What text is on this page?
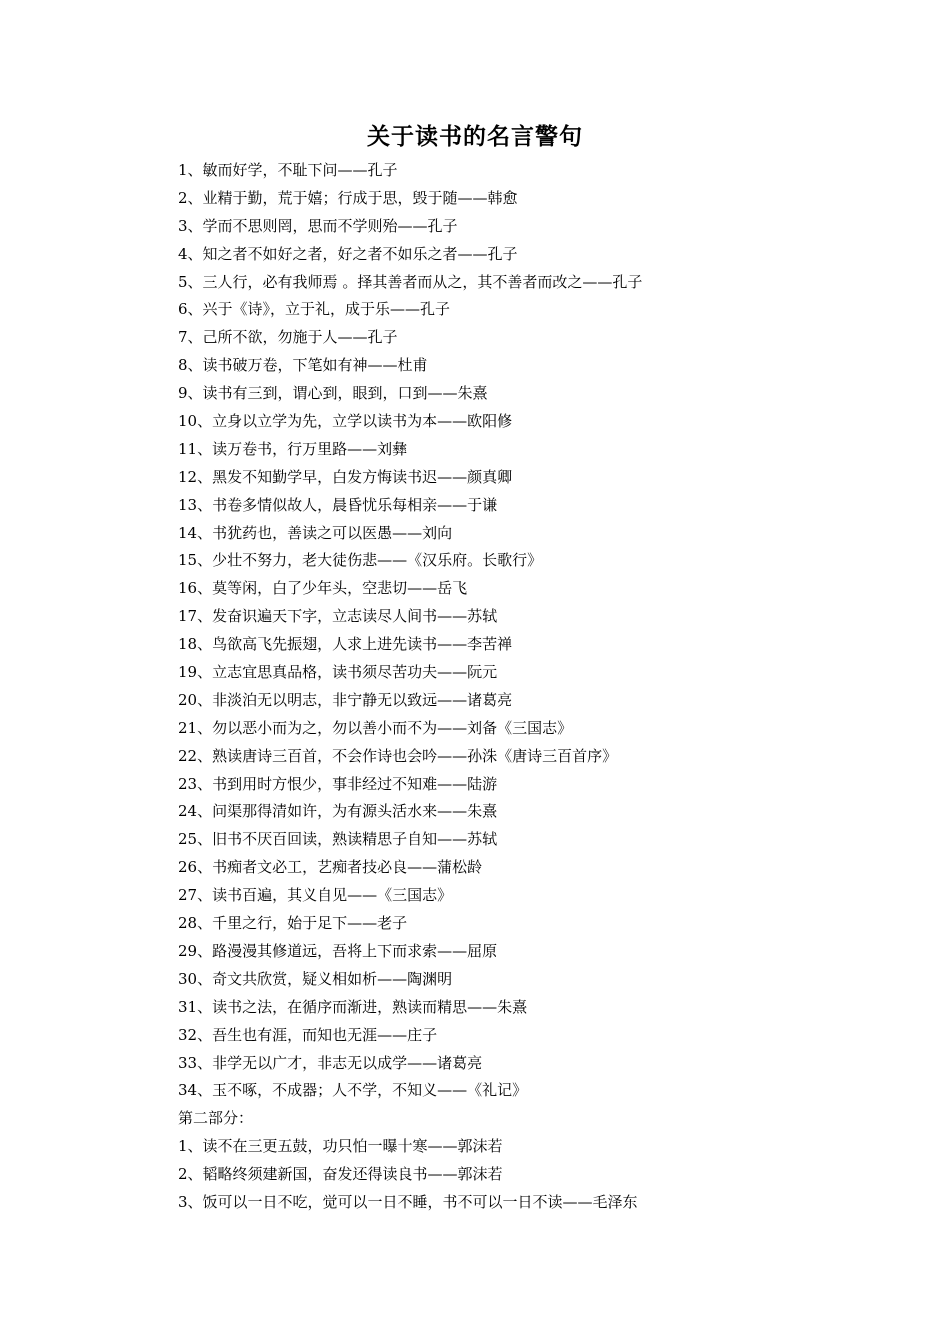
关于读书的名言警句
1、敏而好学，不耻下问——孔子
2、业精于勤，荒于嬉；行成于思，毁于随——韩愈
3、学而不思则罔，思而不学则殆——孔子
4、知之者不如好之者，好之者不如乐之者——孔子
5、三人行，必有我师焉 。择其善者而从之，其不善者而改之——孔子
6、兴于《诗》，立于礼，成于乐——孔子
7、己所不欲，勿施于人——孔子
8、读书破万卷，下笔如有神——杜甫
9、读书有三到，谓心到，眼到，口到——朱熹
10、立身以立学为先，立学以读书为本——欧阳修
11、读万卷书，行万里路——刘彝
12、黑发不知勤学早，白发方悔读书迟——颜真卿
13、书卷多情似故人，晨昏忧乐每相亲——于谦
14、书犹药也，善读之可以医愚——刘向
15、少壮不努力，老大徒伤悲——《汉乐府。长歌行》
16、莫等闲，白了少年头，空悲切——岳飞
17、发奋识遍天下字，立志读尽人间书——苏轼
18、鸟欲高飞先振翅，人求上进先读书——李苦禅
19、立志宜思真品格，读书须尽苦功夫——阮元
20、非淡泊无以明志，非宁静无以致远——诸葛亮
21、勿以恶小而为之，勿以善小而不为——刘备《三国志》
22、熟读唐诗三百首，不会作诗也会吟——孙洙《唐诗三百首序》
23、书到用时方恨少，事非经过不知难——陆游
24、问渠那得清如许，为有源头活水来——朱熹
25、旧书不厌百回读，熟读精思子自知——苏轼
26、书痴者文必工，艺痴者技必良——蒲松龄
27、读书百遍，其义自见——《三国志》
28、千里之行，始于足下——老子
29、路漫漫其修道远，吾将上下而求索——屈原
30、奇文共欣赏，疑义相如析——陶渊明
31、读书之法，在循序而渐进，熟读而精思——朱熹
32、吾生也有涯，而知也无涯——庄子
33、非学无以广才，非志无以成学——诸葛亮
34、玉不啄，不成器；人不学，不知义——《礼记》
第二部分：
1、读不在三更五鼓，功只怕一曝十寒——郭沫若
2、韬略终须建新国，奋发还得读良书——郭沫若
3、饭可以一日不吃，觉可以一日不睡，书不可以一日不读——毛泽东
